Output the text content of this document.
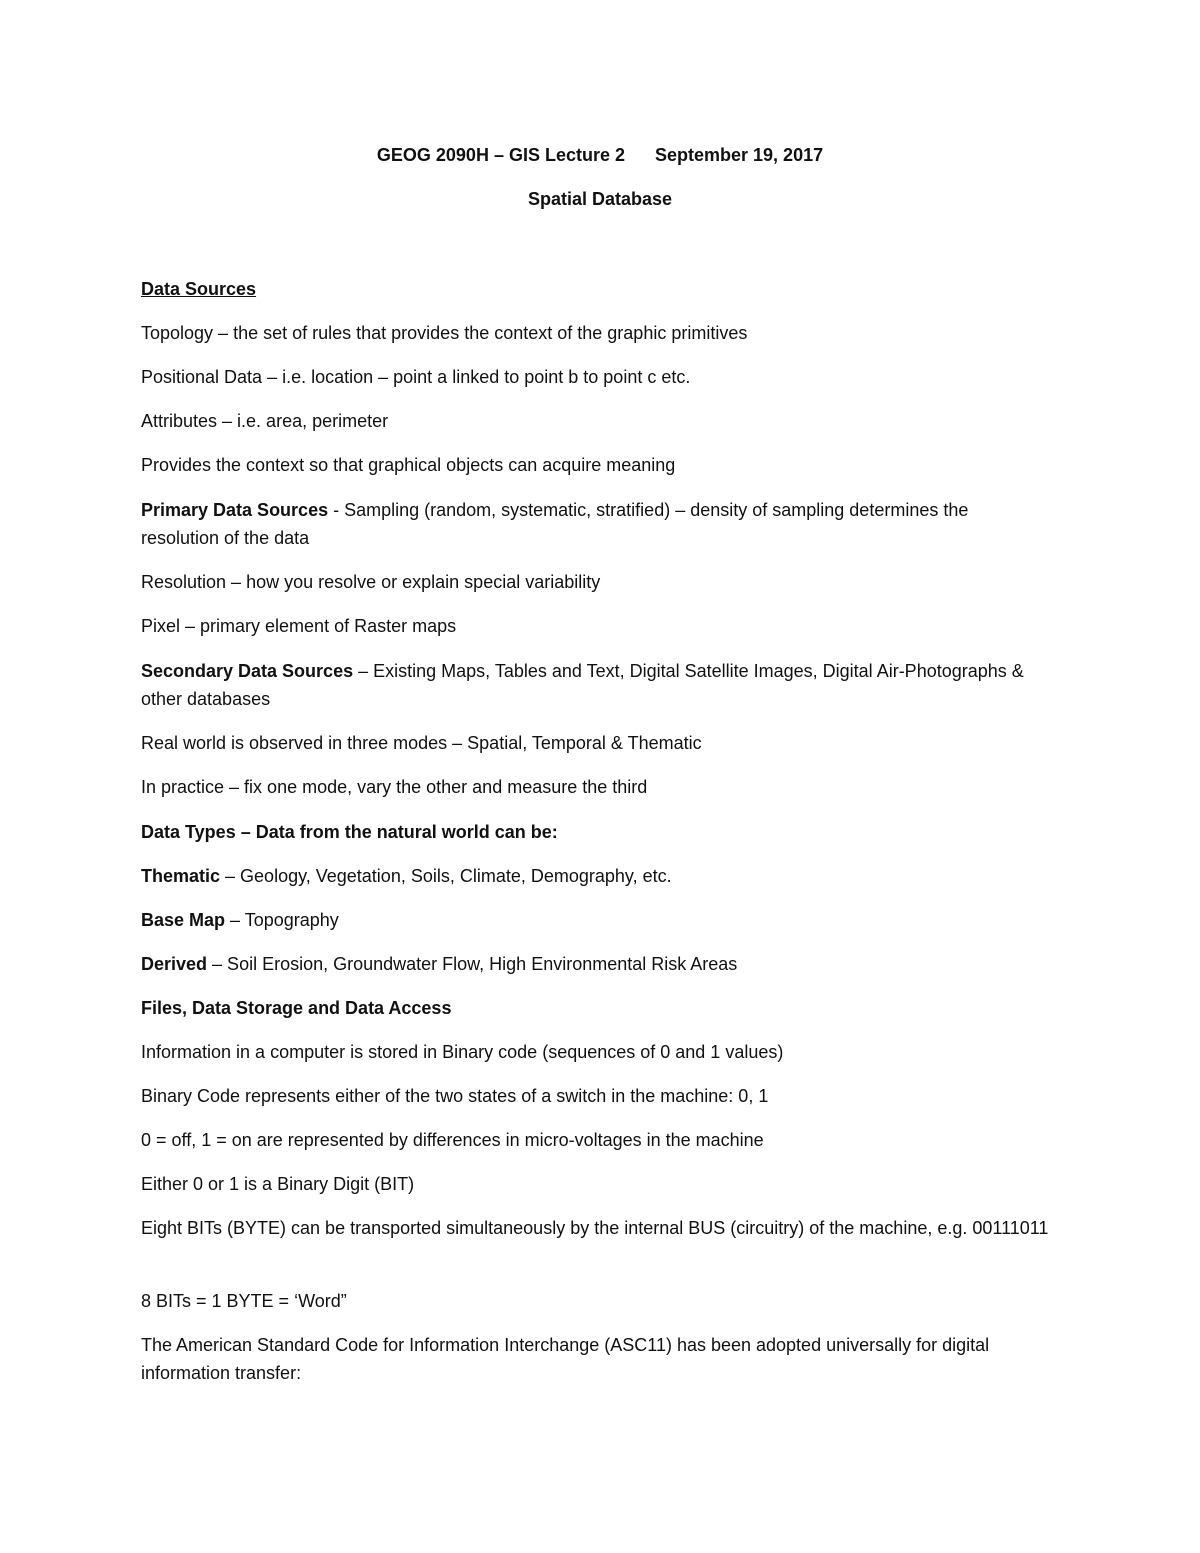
GEOG 2090H – GIS Lecture 2      September 19, 2017
Spatial Database

Data Sources

Topology – the set of rules that provides the context of the graphic primitives

Positional Data – i.e. location – point a linked to point b to point c etc.

Attributes – i.e. area, perimeter

Provides the context so that graphical objects can acquire meaning

Primary Data Sources - Sampling (random, systematic, stratified) – density of sampling determines the resolution of the data

Resolution – how you resolve or explain special variability

Pixel – primary element of Raster maps

Secondary Data Sources – Existing Maps, Tables and Text, Digital Satellite Images, Digital Air-Photographs & other databases

Real world is observed in three modes – Spatial, Temporal & Thematic

In practice – fix one mode, vary the other and measure the third

Data Types – Data from the natural world can be:

Thematic – Geology, Vegetation, Soils, Climate, Demography, etc.

Base Map – Topography

Derived – Soil Erosion, Groundwater Flow, High Environmental Risk Areas

Files, Data Storage and Data Access

Information in a computer is stored in Binary code (sequences of 0 and 1 values)

Binary Code represents either of the two states of a switch in the machine: 0, 1

0 = off, 1 = on are represented by differences in micro-voltages in the machine

Either 0 or 1 is a Binary Digit (BIT)

Eight BITs (BYTE) can be transported simultaneously by the internal BUS (circuitry) of the machine, e.g. 00111011

8 BITs = 1 BYTE = ‘Word”

The American Standard Code for Information Interchange (ASC11) has been adopted universally for digital information transfer:
